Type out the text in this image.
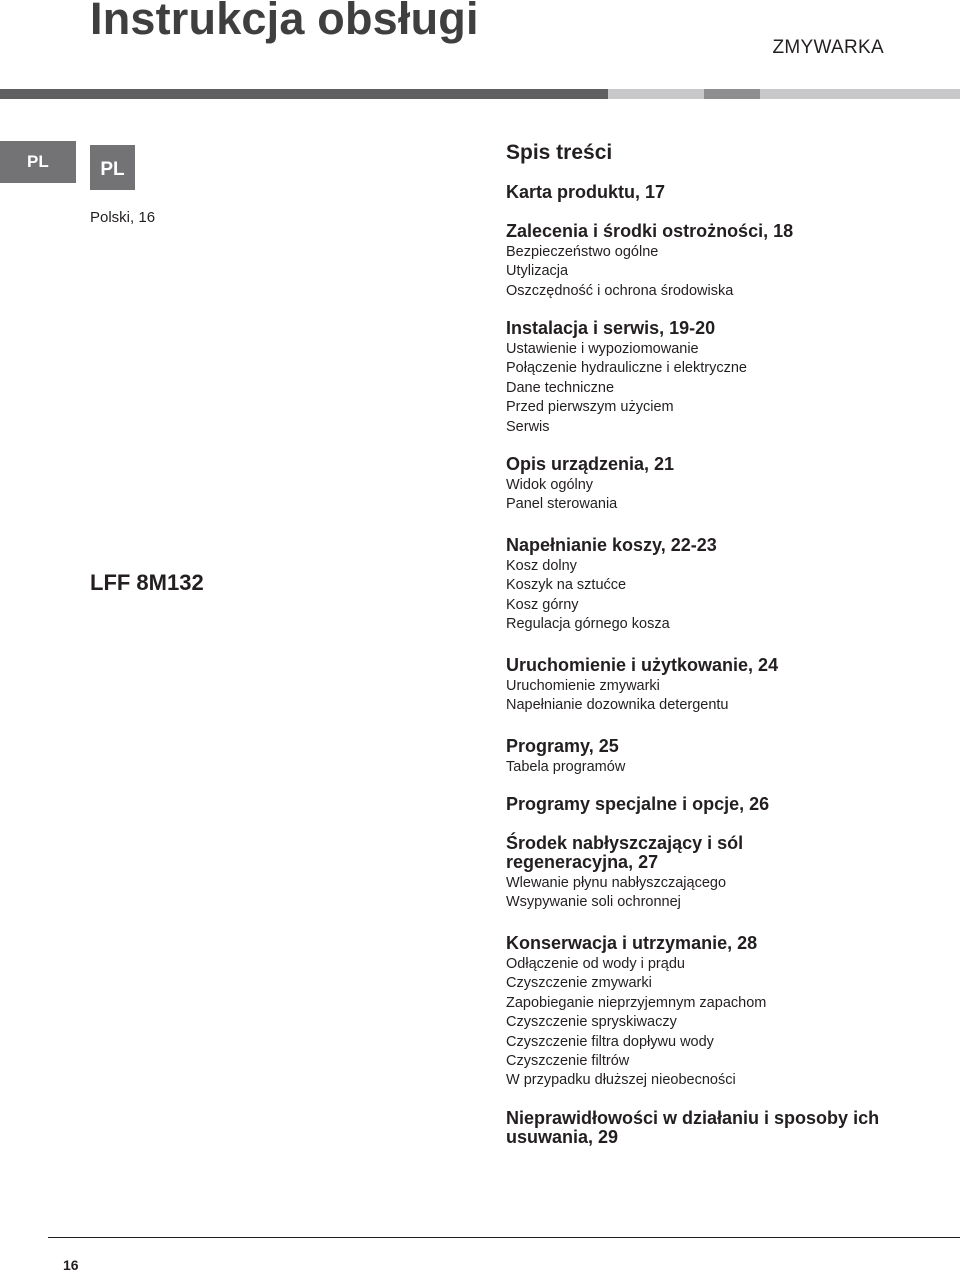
Instrukcja obsługi
ZMYWARKA
PL	PL
Polski, 16
LFF 8M132
Spis treści
Karta produktu, 17
Zalecenia i środki ostrożności, 18
Bezpieczeństwo ogólne
Utylizacja
Oszczędność i ochrona środowiska
Instalacja i serwis, 19-20
Ustawienie i wypoziomowanie
Połączenie hydrauliczne i elektryczne
Dane techniczne
Przed pierwszym użyciem
Serwis
Opis urządzenia, 21
Widok ogólny
Panel sterowania
Napełnianie koszy, 22-23
Kosz dolny
Koszyk na sztućce
Kosz górny
Regulacja górnego kosza
Uruchomienie i użytkowanie, 24
Uruchomienie zmywarki
Napełnianie dozownika detergentu
Programy, 25
Tabela programów
Programy specjalne i opcje, 26
Środek nabłyszczający i sól regeneracyjna, 27
Wlewanie płynu nabłyszczającego
Wsypywanie soli ochronnej
Konserwacja i utrzymanie, 28
Odłączenie od wody i prądu
Czyszczenie zmywarki
Zapobieganie nieprzyjemnym zapachom
Czyszczenie spryskiwaczy
Czyszczenie filtra dopływu wody
Czyszczenie filtrów
W przypadku dłuższej nieobecności
Nieprawidłowości w działaniu i sposoby ich usuwania, 29
16
